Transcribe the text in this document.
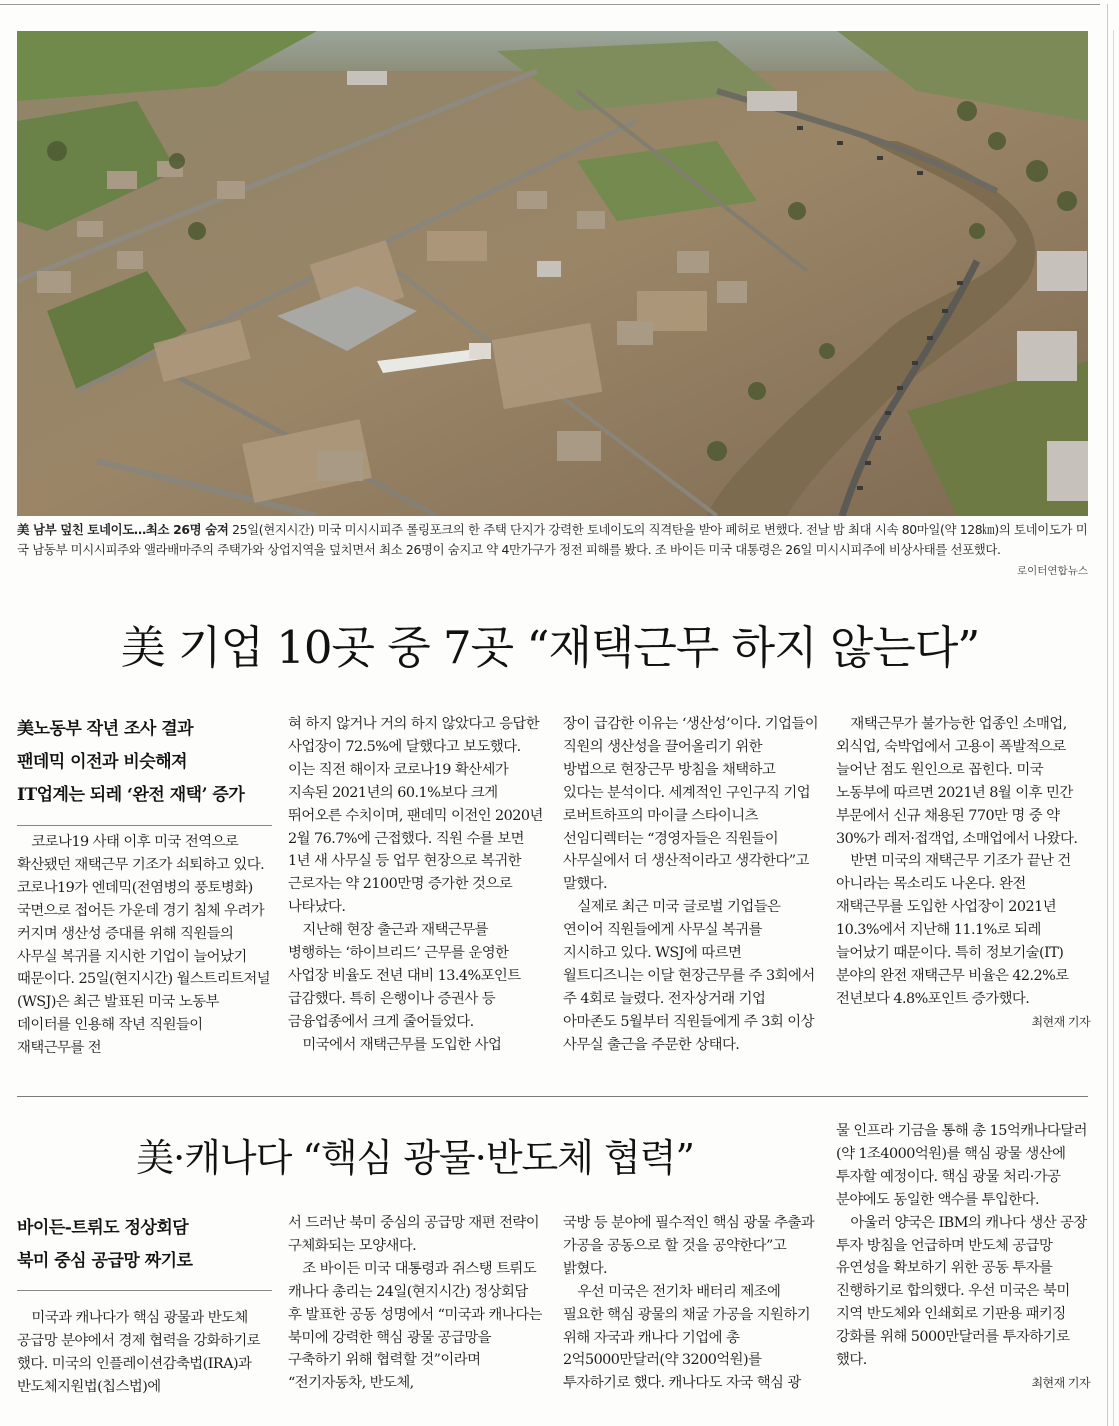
美 남부 덮친 토네이도…최소 26명 숨져 25일(현지시간) 미국 미시시피주 롤링포크의 한 주택 단지가 강력한 토네이도의 직격탄을 받아 폐허로 변했다. 전날 밤 최대 시속 80마일(약 128㎞)의 토네이도가 미국 남동부 미시시피주와 앨라배마주의 주택가와 상업지역을 덮치면서 최소 26명이 숨지고 약 4만가구가 정전 피해를 봤다. 조 바이든 미국 대통령은 26일 미시시피주에 비상사태를 선포했다.

로이터연합뉴스
美 기업 10곳 중 7곳 “재택근무 하지 않는다”
美노동부 작년 조사 결과
팬데믹 이전과 비슷해져
IT업계는 되레 ‘완전 재택’ 증가

코로나19 사태 이후 미국 전역으로 확산됐던 재택근무 기조가 쇠퇴하고 있다. 코로나19가 엔데믹(전염병의 풍토병화) 국면으로 접어든 가운데 경기 침체 우려가 커지며 생산성 증대를 위해 직원들의 사무실 복귀를 지시한 기업이 늘어났기 때문이다. 25일(현지시간) 월스트리트저널(WSJ)은 최근 발표된 미국 노동부 데이터를 인용해 작년 직원들이 재택근무를 전

혀 하지 않거나 거의 하지 않았다고 응답한 사업장이 72.5%에 달했다고 보도했다. 이는 직전 해이자 코로나19 확산세가 지속된 2021년의 60.1%보다 크게 뛰어오른 수치이며, 팬데믹 이전인 2020년 2월 76.7%에 근접했다. 직원 수를 보면 1년 새 사무실 등 업무 현장으로 복귀한 근로자는 약 2100만명 증가한 것으로 나타났다.

지난해 현장 출근과 재택근무를 병행하는 ‘하이브리드’ 근무를 운영한 사업장 비율도 전년 대비 13.4%포인트 급감했다. 특히 은행이나 증권사 등 금융업종에서 크게 줄어들었다.

미국에서 재택근무를 도입한 사업

장이 급감한 이유는 ‘생산성’이다. 기업들이 직원의 생산성을 끌어올리기 위한 방법으로 현장근무 방침을 채택하고 있다는 분석이다. 세계적인 구인구직 기업 로버트하프의 마이클 스타이니츠 선임디렉터는 “경영자들은 직원들이 사무실에서 더 생산적이라고 생각한다”고 말했다.

실제로 최근 미국 글로벌 기업들은 연이어 직원들에게 사무실 복귀를 지시하고 있다. WSJ에 따르면 월트디즈니는 이달 현장근무를 주 3회에서 주 4회로 늘렸다. 전자상거래 기업 아마존도 5월부터 직원들에게 주 3회 이상 사무실 출근을 주문한 상태다.

재택근무가 불가능한 업종인 소매업, 외식업, 숙박업에서 고용이 폭발적으로 늘어난 점도 원인으로 꼽힌다. 미국 노동부에 따르면 2021년 8월 이후 민간 부문에서 신규 채용된 770만 명 중 약 30%가 레저·접객업, 소매업에서 나왔다.

반면 미국의 재택근무 기조가 끝난 건 아니라는 목소리도 나온다. 완전 재택근무를 도입한 사업장이 2021년 10.3%에서 지난해 11.1%로 되레 늘어났기 때문이다. 특히 정보기술(IT) 분야의 완전 재택근무 비율은 42.2%로 전년보다 4.8%포인트 증가했다.

최현재 기자
美·캐나다 “핵심 광물·반도체 협력”
바이든-트뤼도 정상회담
북미 중심 공급망 짜기로

미국과 캐나다가 핵심 광물과 반도체 공급망 분야에서 경제 협력을 강화하기로 했다. 미국의 인플레이션감축법(IRA)과 반도체지원법(칩스법)에

서 드러난 북미 중심의 공급망 재편 전략이 구체화되는 모양새다.

조 바이든 미국 대통령과 쥐스탱 트뤼도 캐나다 총리는 24일(현지시간) 정상회담 후 발표한 공동 성명에서 “미국과 캐나다는 북미에 강력한 핵심 광물 공급망을 구축하기 위해 협력할 것”이라며 “전기자동차, 반도체,

국방 등 분야에 필수적인 핵심 광물 추출과 가공을 공동으로 할 것을 공약한다”고 밝혔다.

우선 미국은 전기차 배터리 제조에 필요한 핵심 광물의 채굴 가공을 지원하기 위해 자국과 캐나다 기업에 총 2억5000만달러(약 3200억원)를 투자하기로 했다. 캐나다도 자국 핵심 광

물 인프라 기금을 통해 총 15억캐나다달러(약 1조4000억원)를 핵심 광물 생산에 투자할 예정이다. 핵심 광물 처리·가공 분야에도 동일한 액수를 투입한다.

아울러 양국은 IBM의 캐나다 생산 공장 투자 방침을 언급하며 반도체 공급망 유연성을 확보하기 위한 공동 투자를 진행하기로 합의했다. 우선 미국은 북미 지역 반도체와 인쇄회로 기판용 패키징 강화를 위해 5000만달러를 투자하기로 했다.

최현재 기자
